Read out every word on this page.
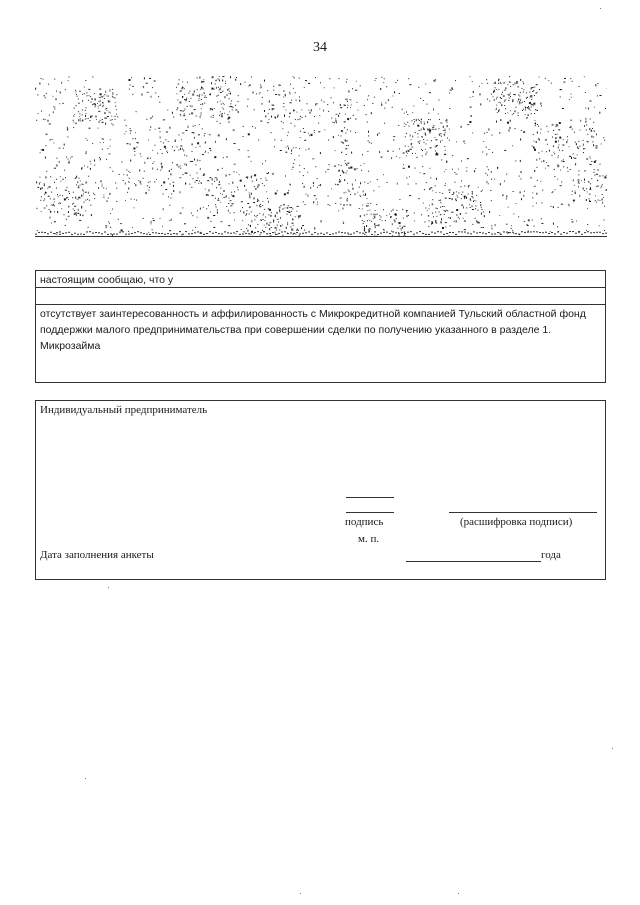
34
настоящим сообщаю, что у
отсутствует заинтересованность и аффилированность с Микрокредитной компанией Тульский областной фонд поддержки малого предпринимательства при совершении сделки по получению указанного в разделе 1. Микрозайма
Индивидуальный предприниматель
подпись	(расшифровка подписи)
м. п.
Дата заполнения анкеты	года
